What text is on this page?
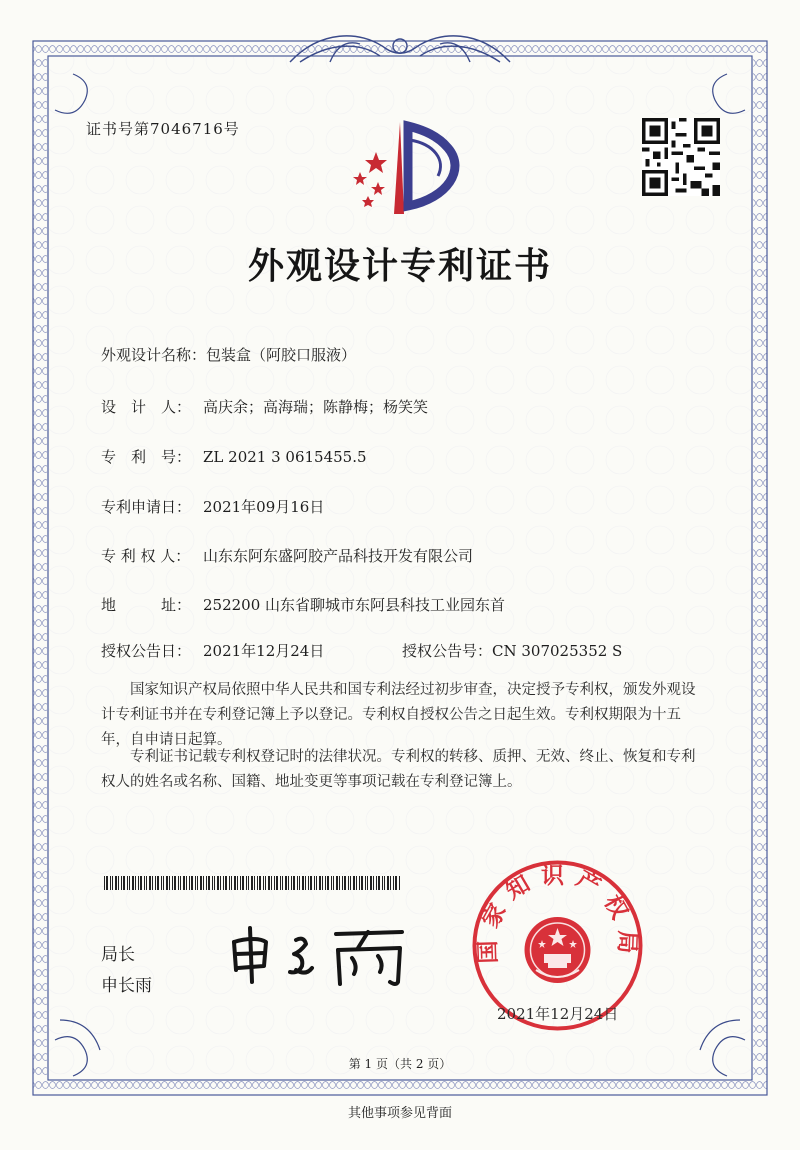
证书号第7046716号
外观设计专利证书
外观设计名称：包装盒（阿胶口服液）
设　计　人： 高庆余；高海瑞；陈静梅；杨笑笑
专　利　号： ZL 2021 3 0615455.5
专利申请日： 2021年09月16日
专 利 权 人： 山东东阿东盛阿胶产品科技开发有限公司
地　　　址： 252200 山东省聊城市东阿县科技工业园东首
授权公告日： 2021年12月24日	授权公告号：CN 307025352 S
国家知识产权局依照中华人民共和国专利法经过初步审查，决定授予专利权，颁发外观设计专利证书并在专利登记簿上予以登记。专利权自授权公告之日起生效。专利权期限为十五年，自申请日起算。
专利证书记载专利权登记时的法律状况。专利权的转移、质押、无效、终止、恢复和专利权人的姓名或名称、国籍、地址变更等事项记载在专利登记簿上。
局长
申长雨
国家知识产权局
2021年12月24日
第 1 页（共 2 页）
其他事项参见背面
